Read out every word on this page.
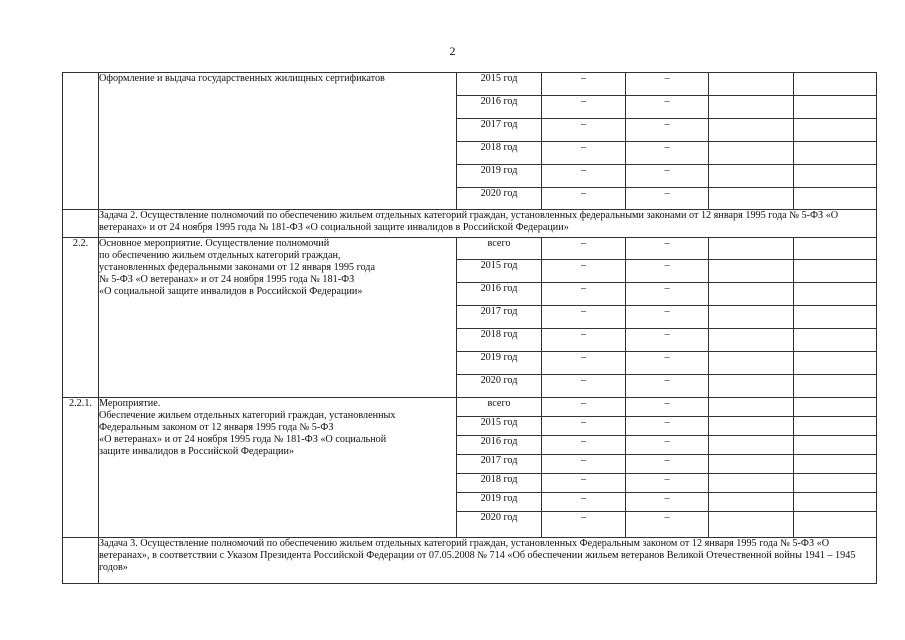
2
	Оформление и выдача государственных жилищных сертификатов	2015 год	–	–		
		2016 год	–	–		
		2017 год	–	–		
		2018 год	–	–		
		2019 год	–	–		
		2020 год	–	–		
	Задача 2. Осуществление полномочий по обеспечению жильем отдельных категорий граждан, установленных федеральными законами от 12 января 1995 года № 5-ФЗ «О ветеранах» и от 24 ноября 1995 года № 181-ФЗ «О социальной защите инвалидов в Российской Федерации»					
2.2.	Основное мероприятие. Осуществление полномочий
по обеспечению жильем отдельных категорий граждан,
установленных федеральными законами от 12 января 1995 года
№ 5-ФЗ «О ветеранах» и от 24 ноября 1995 года № 181-ФЗ
«О социальной защите инвалидов в Российской Федерации»	всего	–	–		
		2015 год	–	–		
		2016 год	–	–		
		2017 год	–	–		
		2018 год	–	–		
		2019 год	–	–		
		2020 год	–	–		
2.2.1.	Мероприятие.
Обеспечение жильем отдельных категорий граждан, установленных
Федеральным законом от 12 января 1995 года № 5-ФЗ
«О ветеранах» и от 24 ноября 1995 года № 181-ФЗ «О социальной
защите инвалидов в Российской Федерации»	всего	–	–		
		2015 год	–	–		
		2016 год	–	–		
		2017 год	–	–		
		2018 год	–	–		
		2019 год	–	–		
		2020 год	–	–		
	Задача 3. Осуществление полномочий по обеспечению жильем отдельных категорий граждан, установленных Федеральным законом от 12 января 1995 года № 5-ФЗ «О ветеранах», в соответствии с Указом Президента Российской Федерации от 07.05.2008 № 714 «Об обеспечении жильем ветеранов Великой Отечественной войны 1941 – 1945 годов»					
